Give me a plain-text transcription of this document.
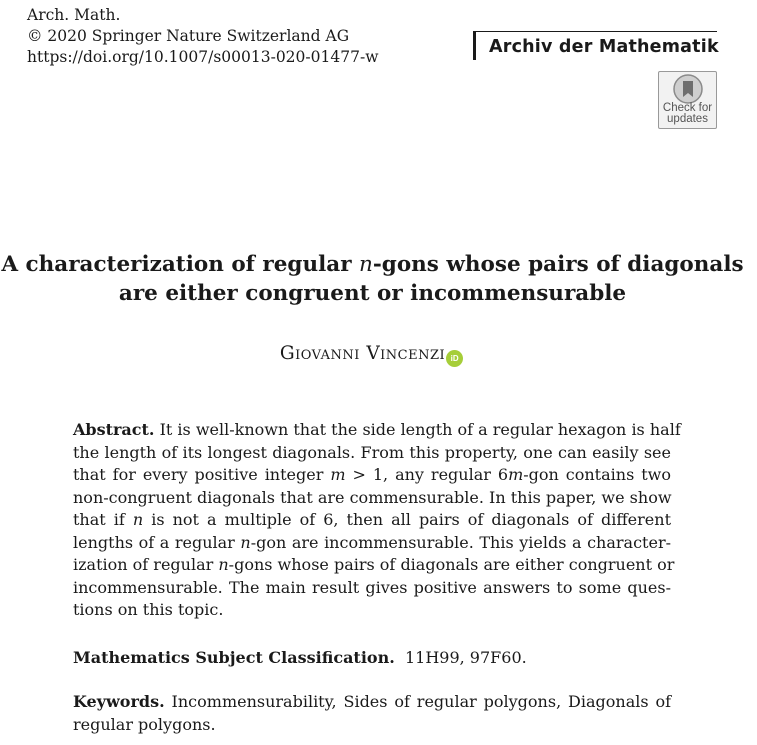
Arch. Math.
© 2020 Springer Nature Switzerland AG
https://doi.org/10.1007/s00013-020-01477-w	Archiv der Mathematik
Check for
updates
A characterization of regular n-gons whose pairs of diagonals
are either congruent or incommensurable
Giovanni Vincenzi iD
Abstract. It is well-known that the side length of a regular hexagon is half
the length of its longest diagonals. From this property, one can easily see
that for every positive integer m > 1, any regular 6m-gon contains two
non-congruent diagonals that are commensurable. In this paper, we show
that if n is not a multiple of 6, then all pairs of diagonals of different
lengths of a regular n-gon are incommensurable. This yields a character-
ization of regular n-gons whose pairs of diagonals are either congruent or
incommensurable. The main result gives positive answers to some ques-
tions on this topic.
Mathematics Subject Classification. 11H99, 97F60.
Keywords. Incommensurability, Sides of regular polygons, Diagonals of
regular polygons.
